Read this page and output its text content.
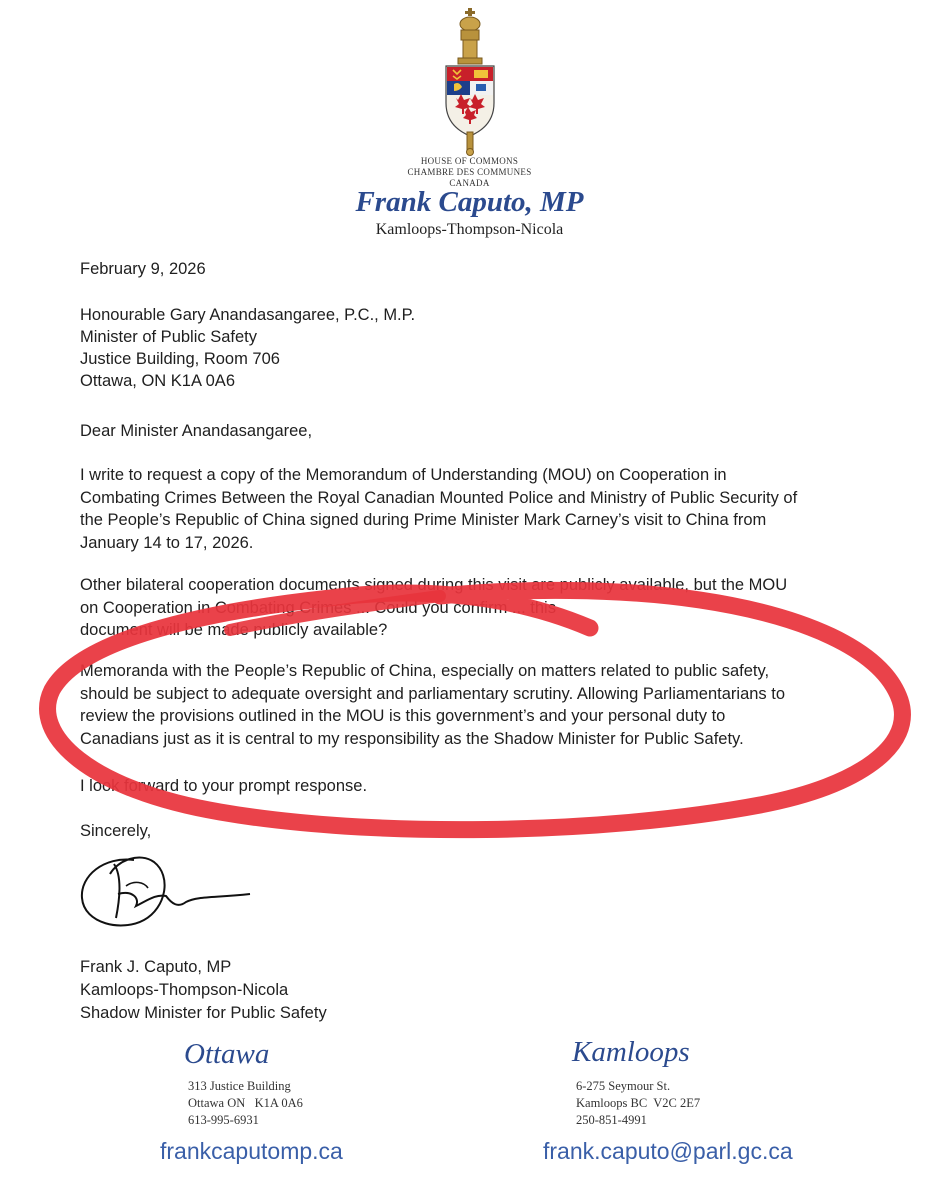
HOUSE OF COMMONS
CHAMBRE DES COMMUNES
CANADA
Frank Caputo, MP
Kamloops-Thompson-Nicola
February 9, 2026
Honourable Gary Anandasangaree, P.C., M.P.
Minister of Public Safety
Justice Building, Room 706
Ottawa, ON K1A 0A6
Dear Minister Anandasangaree,

I write to request a copy of the Memorandum of Understanding (MOU) on Cooperation in

Combating Crimes Between the Royal Canadian Mounted Police and Ministry of Public Security of

the People’s Republic of China signed during Prime Minister Mark Carney’s visit to China from

January 14 to 17, 2026.

Other bilateral cooperation documents signed during this visit are publicly available, but the MOU

on Cooperation in Combating Crimes ... Could you confirm ... this

document will be made publicly available?

Memoranda with the People’s Republic of China, especially on matters related to public safety,

should be subject to adequate oversight and parliamentary scrutiny. Allowing Parliamentarians to

review the provisions outlined in the MOU is this government’s and your personal duty to

Canadians just as it is central to my responsibility as the Shadow Minister for Public Safety.

I look forward to your prompt response.
Sincerely,
Frank J. Caputo, MP
Kamloops-Thompson-Nicola
Shadow Minister for Public Safety
Ottawa
313 Justice Building
Ottawa ON   K1A 0A6
613-995-6931
Kamloops
6-275 Seymour St.
Kamloops BC  V2C 2E7
250-851-4991
frankcaputomp.ca	frank.caputo@parl.gc.ca
